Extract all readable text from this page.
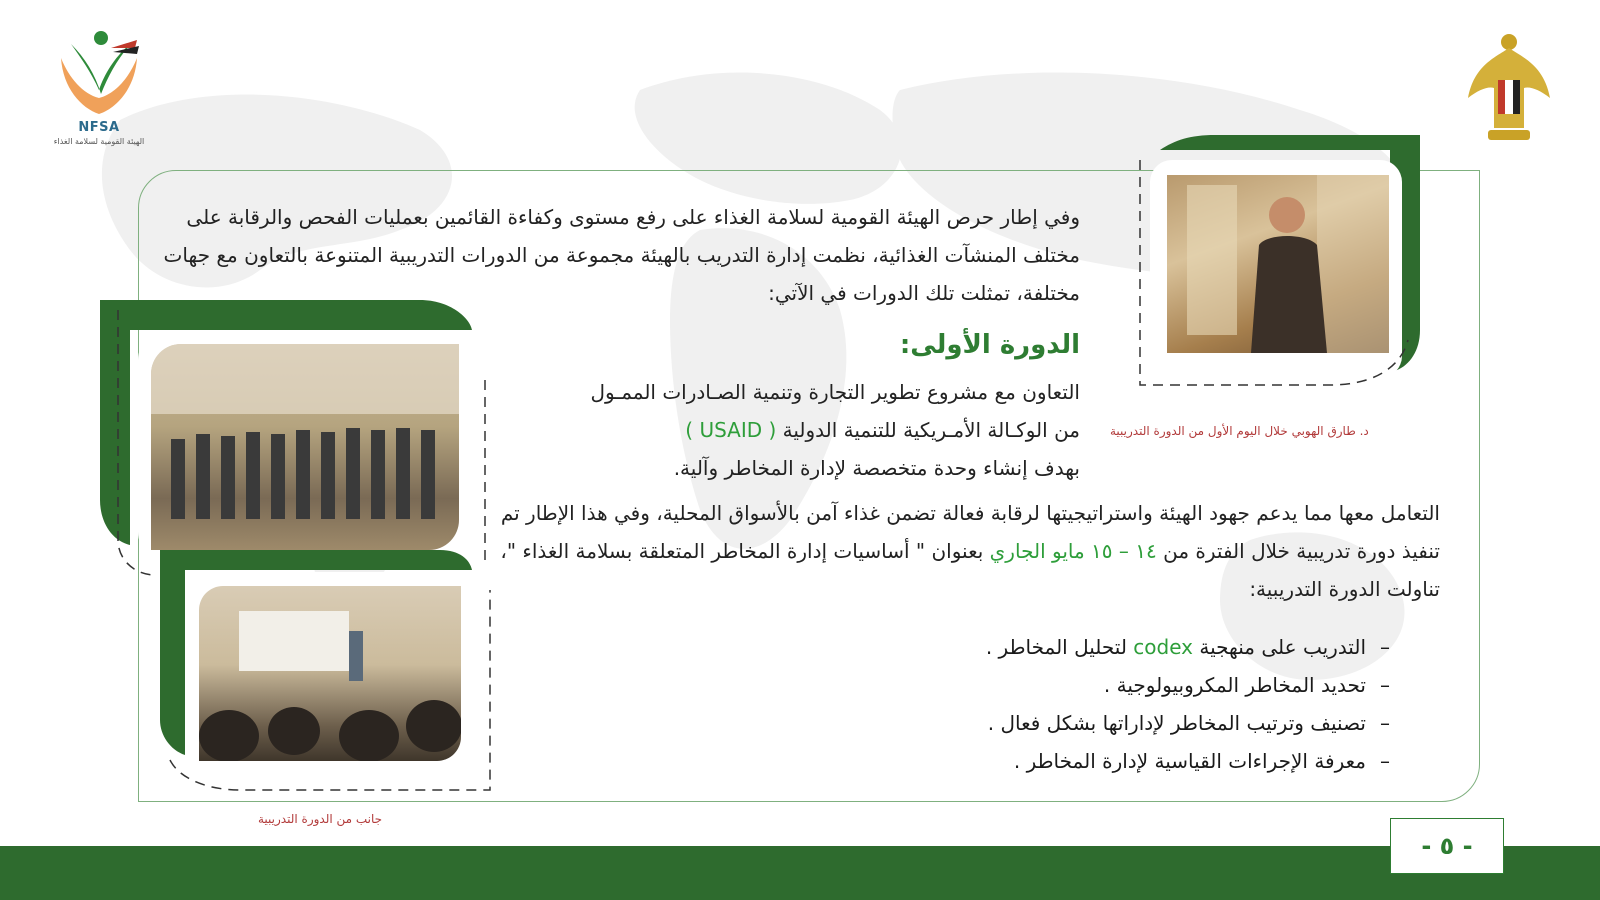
NFSA
الهيئة القومية لسلامة الغذاء
وفي إطار حرص الهيئة القومية لسلامة الغذاء على رفع مستوى وكفاءة القائمين بعمليات الفحص والرقابة على مختلف المنشآت الغذائية، نظمت إدارة التدريب بالهيئة مجموعة من الدورات التدريبية المتنوعة بالتعاون مع جهات مختلفة، تمثلت تلك الدورات في الآتي:
الدورة الأولى:
التعاون مع مشروع تطوير التجارة وتنمية الصـادرات الممـول
من الوكـالة الأمـريكية للتنمية الدولية ( USAID )
بهدف إنشاء وحدة متخصصة لإدارة المخاطر وآلية.
التعامل معها مما يدعم جهود الهيئة واستراتيجيتها لرقابة فعالة تضمن غذاء آمن بالأسواق المحلية، وفي هذا الإطار تم تنفيذ دورة تدريبية خلال الفترة من ١٤ – ١٥ مايو الجاري بعنوان " أساسيات إدارة المخاطر المتعلقة بسلامة الغذاء "، تناولت الدورة التدريبية:
–التدريب على منهجية codex لتحليل المخاطر .
–تحديد المخاطر المكروبيولوجية .
–تصنيف وترتيب المخاطر لإداراتها بشكل فعال .
–معرفة الإجراءات القياسية لإدارة المخاطر .
د. طارق الهوبي خلال اليوم الأول من الدورة التدريبية
جانب من الدورة التدريبية
- ٥ -
